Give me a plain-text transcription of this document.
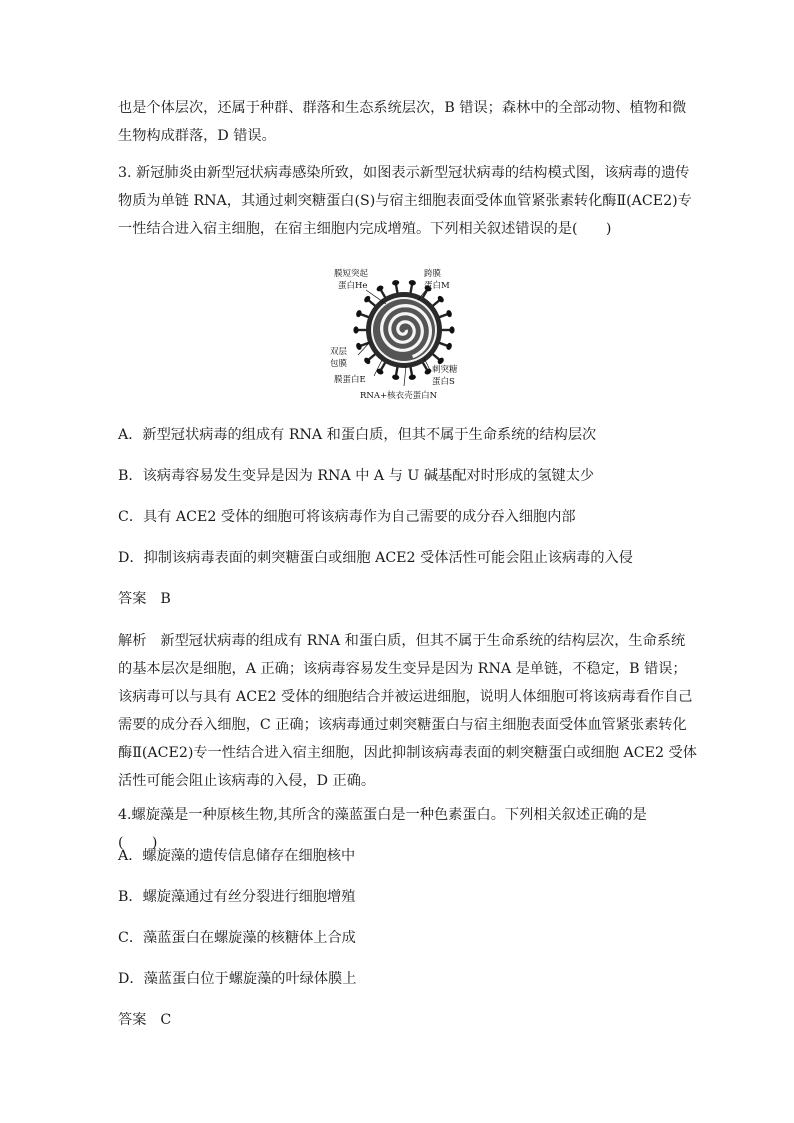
也是个体层次，还属于种群、群落和生态系统层次，B 错误；森林中的全部动物、植物和微
生物构成群落，D 错误。

3. 新冠肺炎由新型冠状病毒感染所致，如图表示新型冠状病毒的结构模式图，该病毒的遗传
物质为单链 RNA，其通过刺突糖蛋白(S)与宿主细胞表面受体血管紧张素转化酶Ⅱ(ACE2)专
一性结合进入宿主细胞，在宿主细胞内完成增殖。下列相关叙述错误的是(　　)

膜短突起
蛋白He
跨膜
蛋白M
双层
包膜
膜蛋白E
刺突糖
蛋白S
RNA+核衣壳蛋白N

A．新型冠状病毒的组成有 RNA 和蛋白质，但其不属于生命系统的结构层次

B．该病毒容易发生变异是因为 RNA 中 A 与 U 碱基配对时形成的氢键太少

C．具有 ACE2 受体的细胞可将该病毒作为自己需要的成分吞入细胞内部

D．抑制该病毒表面的刺突糖蛋白或细胞 ACE2 受体活性可能会阻止该病毒的入侵

答案 B

解析 新型冠状病毒的组成有 RNA 和蛋白质，但其不属于生命系统的结构层次，生命系统
的基本层次是细胞，A 正确；该病毒容易发生变异是因为 RNA 是单链，不稳定，B 错误；
该病毒可以与具有 ACE2 受体的细胞结合并被运进细胞，说明人体细胞可将该病毒看作自己
需要的成分吞入细胞，C 正确；该病毒通过刺突糖蛋白与宿主细胞表面受体血管紧张素转化
酶Ⅱ(ACE2)专一性结合进入宿主细胞，因此抑制该病毒表面的刺突糖蛋白或细胞 ACE2 受体
活性可能会阻止该病毒的入侵，D 正确。

4.螺旋藻是一种原核生物,其所含的藻蓝蛋白是一种色素蛋白。下列相关叙述正确的是(　　)

A．螺旋藻的遗传信息储存在细胞核中

B．螺旋藻通过有丝分裂进行细胞增殖

C．藻蓝蛋白在螺旋藻的核糖体上合成

D．藻蓝蛋白位于螺旋藻的叶绿体膜上

答案 C
